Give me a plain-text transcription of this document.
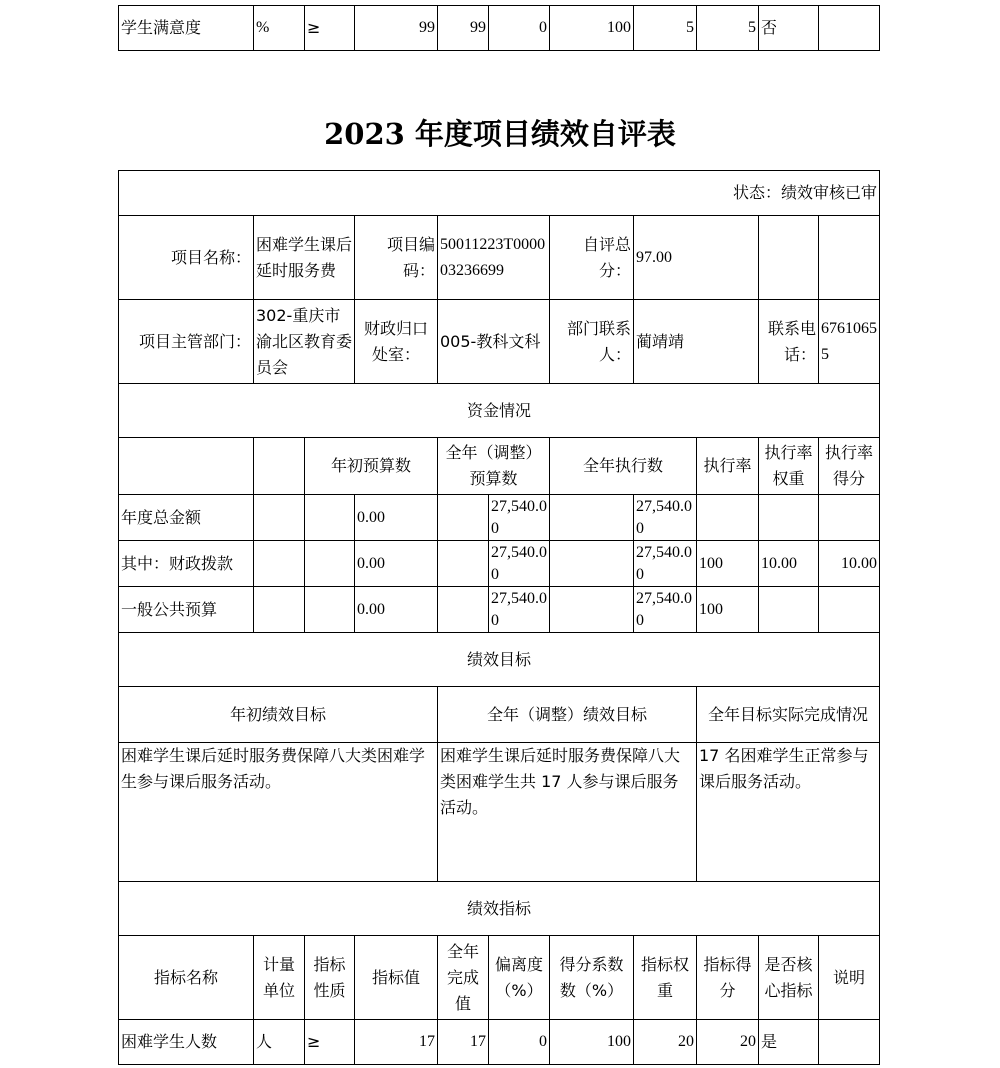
学生满意度	%	≥	99	99	0	100	5	5	否	
2023 年度项目绩效自评表
状态：绩效审核已审										
项目名称：	困难学生课后延时服务费		项目编码：	50011223T000003236699		自评总分：	97.00			
项目主管部门：	302-重庆市渝北区教育委员会		财政归口处室：	005-教科文科		部门联系人：	蔺靖靖		联系电话：	67610655
资金情况										
		年初预算数		全年（调整）预算数		全年执行数		执行率	执行率权重	执行率得分
年度总金额			0.00		27,540.00		27,540.00			
其中：财政拨款			0.00		27,540.00		27,540.00	100	10.00	10.00
一般公共预算			0.00		27,540.00		27,540.00	100		
绩效目标										
年初绩效目标				全年（调整）绩效目标				全年目标实际完成情况		
困难学生课后延时服务费保障八大类困难学生参与课后服务活动。				困难学生课后延时服务费保障八大类困难学生共 17 人参与课后服务活动。				17 名困难学生正常参与课后服务活动。		
绩效指标										
指标名称	计量单位	指标性质	指标值	全年完成值	偏离度（%）	得分系数数（%）	指标权重	指标得分	是否核心指标	说明
困难学生人数	人	≥	17	17	0	100	20	20	是	
